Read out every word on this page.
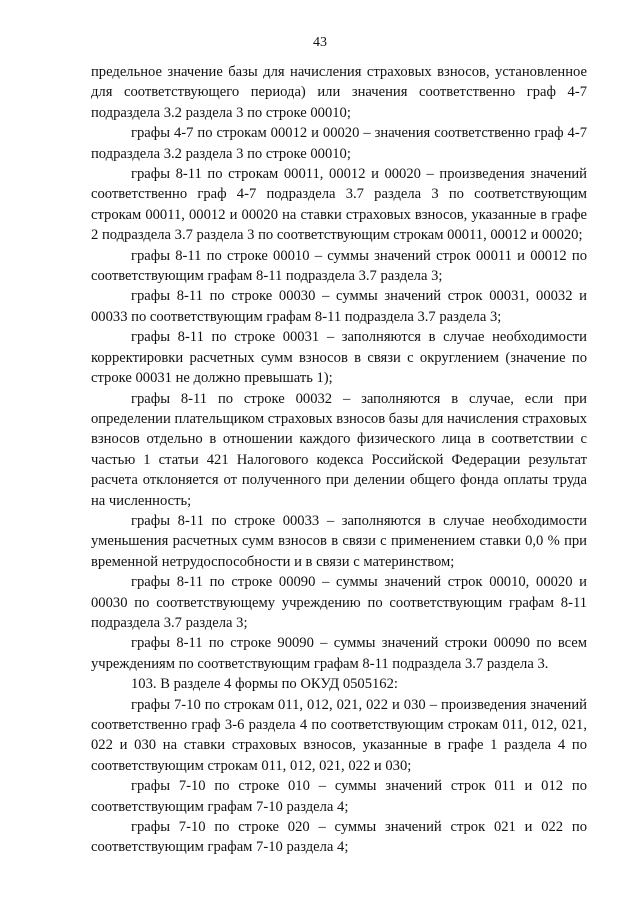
43

предельное значение базы для начисления страховых взносов, установленное для соответствующего периода) или значения соответственно граф 4-7 подраздела 3.2 раздела 3 по строке 00010;

графы 4-7 по строкам 00012 и 00020 – значения соответственно граф 4-7 подраздела 3.2 раздела 3 по строке 00010;

графы 8-11 по строкам 00011, 00012 и 00020 – произведения значений соответственно граф 4-7 подраздела 3.7 раздела 3 по соответствующим строкам 00011, 00012 и 00020 на ставки страховых взносов, указанные в графе 2 подраздела 3.7 раздела 3 по соответствующим строкам 00011, 00012 и 00020;

графы 8-11 по строке 00010 – суммы значений строк 00011 и 00012 по соответствующим графам 8-11 подраздела 3.7 раздела 3;

графы 8-11 по строке 00030 – суммы значений строк 00031, 00032 и 00033 по соответствующим графам 8-11 подраздела 3.7 раздела 3;

графы 8-11 по строке 00031 – заполняются в случае необходимости корректировки расчетных сумм взносов в связи с округлением (значение по строке 00031 не должно превышать 1);

графы 8-11 по строке 00032 – заполняются в случае, если при определении плательщиком страховых взносов базы для начисления страховых взносов отдельно в отношении каждого физического лица в соответствии с частью 1 статьи 421 Налогового кодекса Российской Федерации результат расчета отклоняется от полученного при делении общего фонда оплаты труда на численность;

графы 8-11 по строке 00033 – заполняются в случае необходимости уменьшения расчетных сумм взносов в связи с применением ставки 0,0 % при временной нетрудоспособности и в связи с материнством;

графы 8-11 по строке 00090 – суммы значений строк 00010, 00020 и 00030 по соответствующему учреждению по соответствующим графам 8-11 подраздела 3.7 раздела 3;

графы 8-11 по строке 90090 – суммы значений строки 00090 по всем учреждениям по соответствующим графам 8-11 подраздела 3.7 раздела 3.

103. В разделе 4 формы по ОКУД 0505162:

графы 7-10 по строкам 011, 012, 021, 022 и 030 – произведения значений соответственно граф 3-6 раздела 4 по соответствующим строкам 011, 012, 021, 022 и 030 на ставки страховых взносов, указанные в графе 1 раздела 4 по соответствующим строкам 011, 012, 021, 022 и 030;

графы 7-10 по строке 010 – суммы значений строк 011 и 012 по соответствующим графам 7-10 раздела 4;

графы 7-10 по строке 020 – суммы значений строк 021 и 022 по соответствующим графам 7-10 раздела 4;
